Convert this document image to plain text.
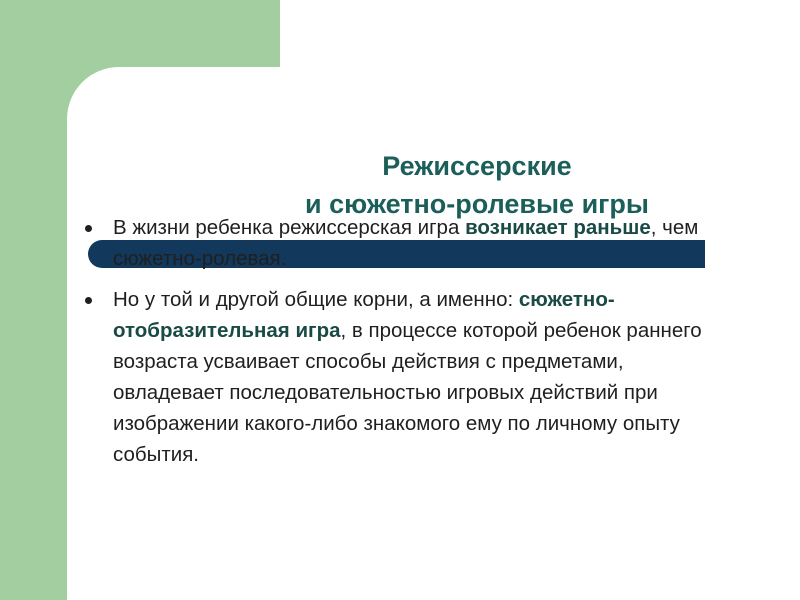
Режиссерские
и сюжетно-ролевые игры
В жизни ребенка режиссерская игра возникает раньше, чем сюжетно-ролевая.
Но у той и другой общие корни, а именно: сюжетно-отобразительная игра, в процессе которой ребенок раннего возраста усваивает способы действия с предметами, овладевает последовательностью игровых действий при изображении какого-либо знакомого ему по личному опыту события.
